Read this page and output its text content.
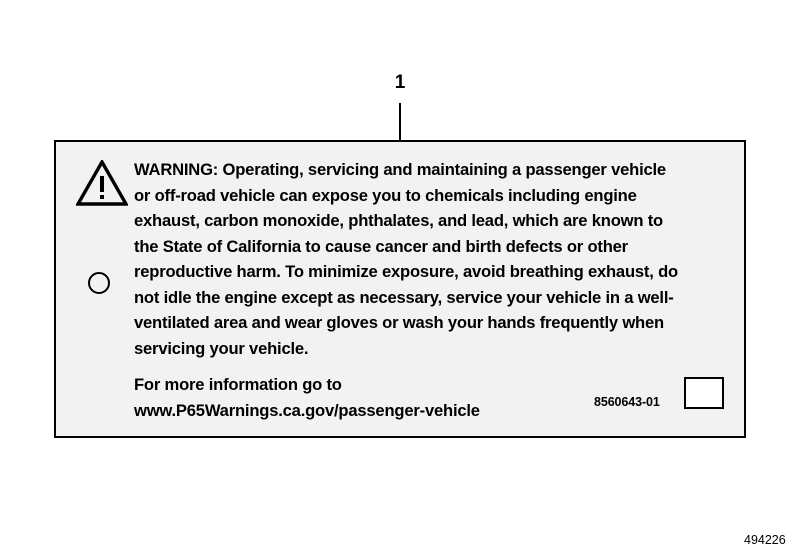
1
WARNING: Operating, servicing and maintaining a passenger vehicle
or off-road vehicle can expose you to chemicals including engine
exhaust, carbon monoxide, phthalates, and lead, which are known to
the State of California to cause cancer and birth defects or other
reproductive harm. To minimize exposure, avoid breathing exhaust, do
not idle the engine except as necessary, service your vehicle in a well-
ventilated area and wear gloves or wash your hands frequently when
servicing your vehicle.
For more information go to
www.P65Warnings.ca.gov/passenger-vehicle	8560643-01
494226
